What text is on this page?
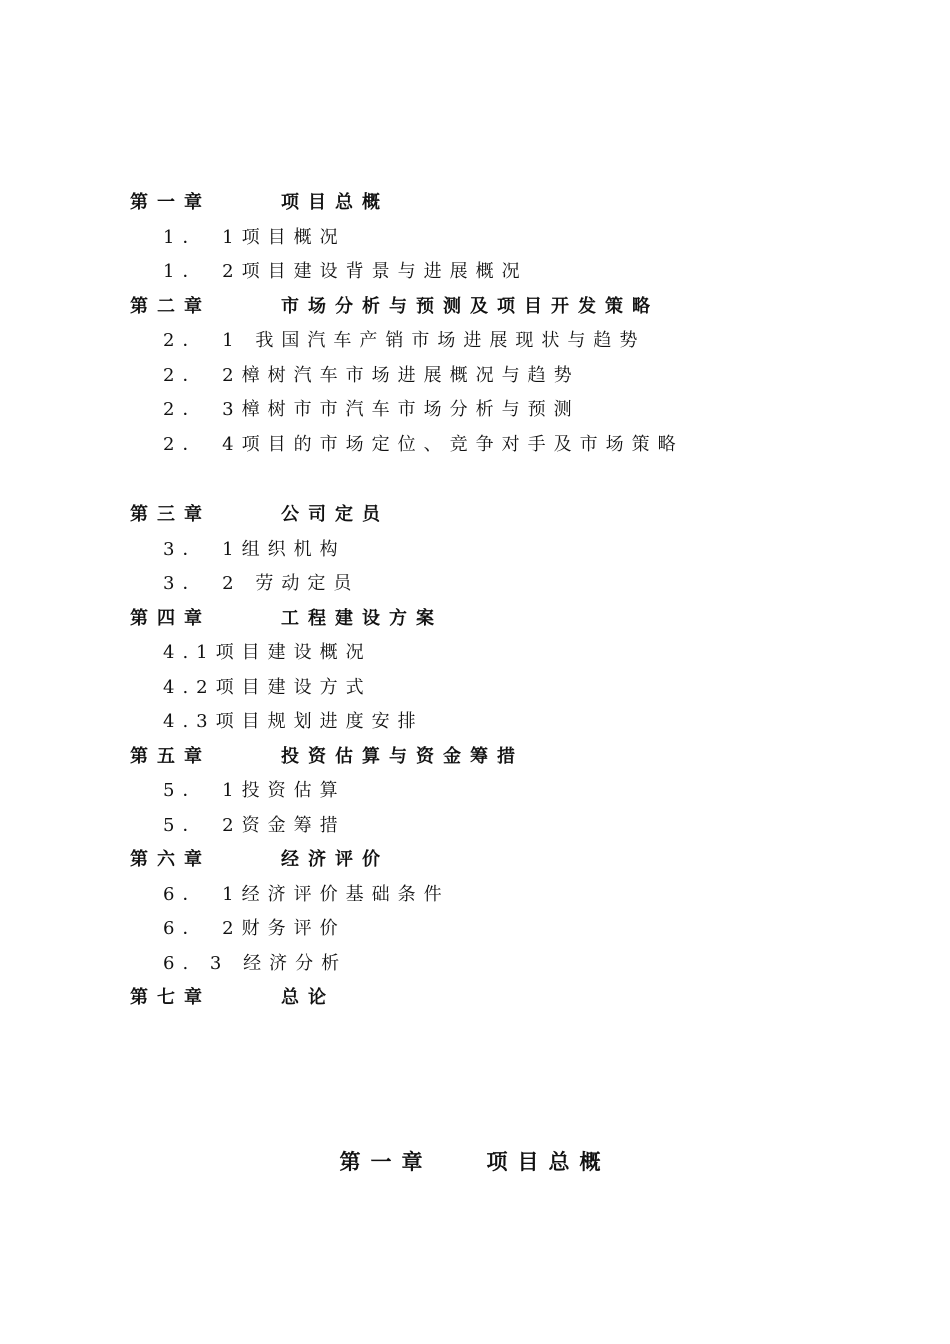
第一章	项目总概
1． 1项目概况
1． 2项目建设背景与进展概况
第二章	市场分析与预测及项目开发策略
2． 1 我国汽车产销市场进展现状与趋势
2． 2樟树汽车市场进展概况与趋势
2． 3樟树市市汽车市场分析与预测
2． 4项目的市场定位、竞争对手及市场策略
第三章	公司定员
3． 1组织机构
3． 2 劳动定员
第四章	工程建设方案
4.1项目建设概况
4.2项目建设方式
4.3项目规划进度安排
第五章	投资估算与资金筹措
5． 1投资估算
5． 2资金筹措
第六章	经济评价
6． 1经济评价基础条件
6． 2财务评价
6. 3 经济分析
第七章	总论
第一章	项目总概
